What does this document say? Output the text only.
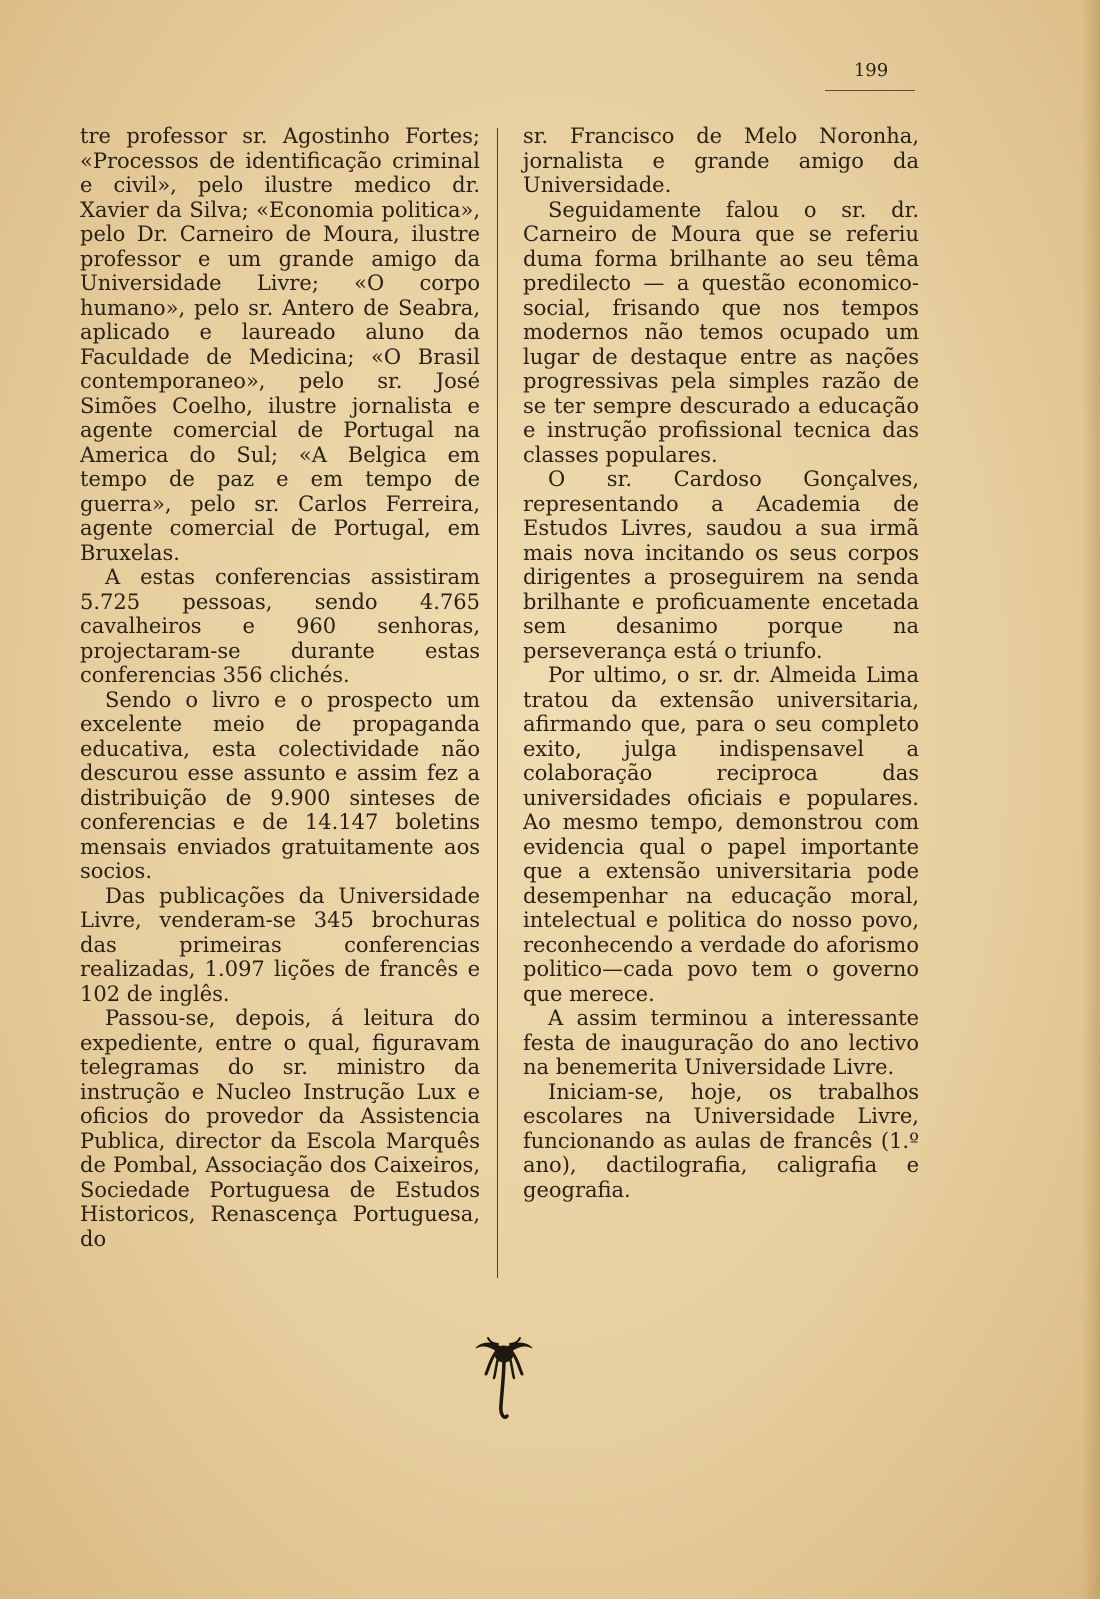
199

tre professor sr. Agostinho Fortes; «Processos de identificação criminal e civil», pelo ilustre medico dr. Xavier da Silva; «Economia politica», pelo Dr. Carneiro de Moura, ilustre professor e um grande amigo da Universidade Livre; «O corpo humano», pelo sr. Antero de Seabra, aplicado e laureado aluno da Faculdade de Medicina; «O Brasil contemporaneo», pelo sr. José Simões Coelho, ilustre jornalista e agente comercial de Portugal na America do Sul; «A Belgica em tempo de paz e em tempo de guerra», pelo sr. Carlos Ferreira, agente comercial de Portugal, em Bruxelas.

A estas conferencias assistiram 5.725 pessoas, sendo 4.765 cavalheiros e 960 senhoras, projectaram-se durante estas conferencias 356 clichés.

Sendo o livro e o prospecto um excelente meio de propaganda educativa, esta colectividade não descurou esse assunto e assim fez a distribuição de 9.900 sinteses de conferencias e de 14.147 boletins mensais enviados gratuitamente aos socios.

Das publicações da Universidade Livre, venderam-se 345 brochuras das primeiras conferencias realizadas, 1.097 lições de francês e 102 de inglês.

Passou-se, depois, á leitura do expediente, entre o qual, figuravam telegramas do sr. ministro da instrução e Nucleo Instrução Lux e oficios do provedor da Assistencia Publica, director da Escola Marquês de Pombal, Associação dos Caixeiros, Sociedade Portuguesa de Estudos Historicos, Renascença Portuguesa, do

sr. Francisco de Melo Noronha, jornalista e grande amigo da Universidade.

Seguidamente falou o sr. dr. Carneiro de Moura que se referiu duma forma brilhante ao seu têma predilecto — a questão economico-social, frisando que nos tempos modernos não temos ocupado um lugar de destaque entre as nações progressivas pela simples razão de se ter sempre descurado a educação e instrução profissional tecnica das classes populares.

O sr. Cardoso Gonçalves, representando a Academia de Estudos Livres, saudou a sua irmã mais nova incitando os seus corpos dirigentes a proseguirem na senda brilhante e proficuamente encetada sem desanimo porque na perseverança está o triunfo.

Por ultimo, o sr. dr. Almeida Lima tratou da extensão universitaria, afirmando que, para o seu completo exito, julga indispensavel a colaboração reciproca das universidades oficiais e populares. Ao mesmo tempo, demonstrou com evidencia qual o papel importante que a extensão universitaria pode desempenhar na educação moral, intelectual e politica do nosso povo, reconhecendo a verdade do aforismo politico—cada povo tem o governo que merece.

A assim terminou a interessante festa de inauguração do ano lectivo na benemerita Universidade Livre.

Iniciam-se, hoje, os trabalhos escolares na Universidade Livre, funcionando as aulas de francês (1.º ano), dactilografia, caligrafia e geografia.
